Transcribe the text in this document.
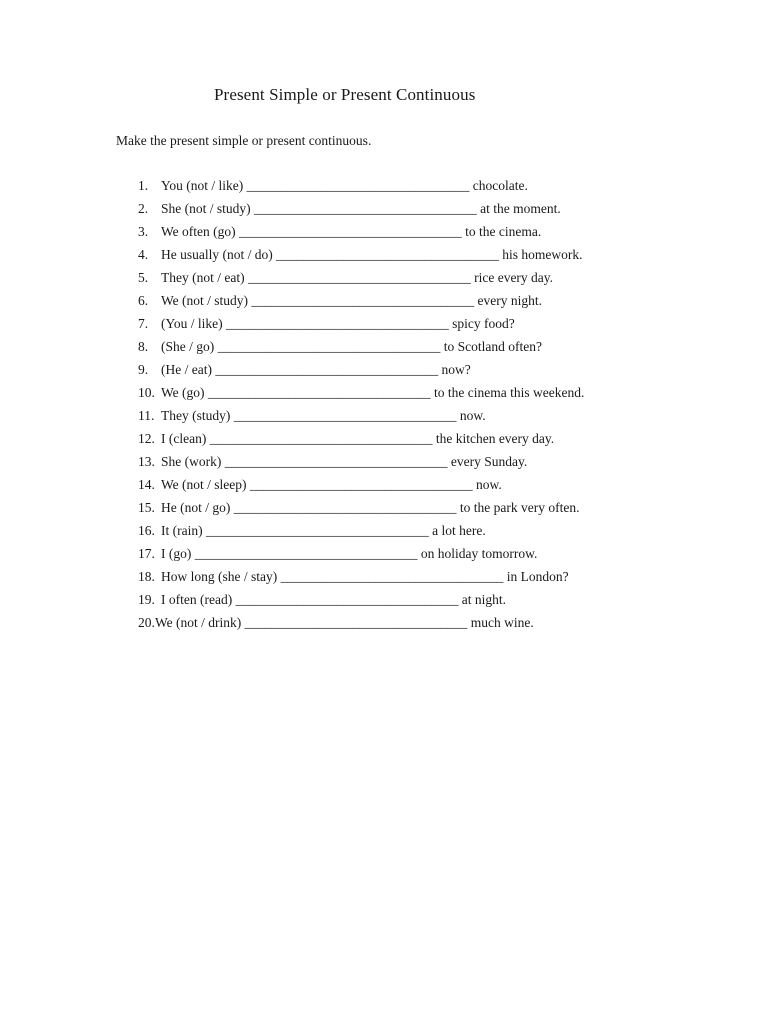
Present Simple or Present Continuous
Make the present simple or present continuous.
1. You (not / like) _________________________________ chocolate.
2. She (not / study) _________________________________ at the moment.
3. We often (go) _________________________________ to the cinema.
4. He usually (not / do) _________________________________ his homework.
5. They (not / eat) _________________________________ rice every day.
6. We (not / study) _________________________________ every night.
7. (You / like) _________________________________ spicy food?
8. (She / go) _________________________________ to Scotland often?
9. (He / eat) _________________________________ now?
10. We (go) _________________________________ to the cinema this weekend.
11. They (study) _________________________________ now.
12. I (clean) _________________________________ the kitchen every day.
13. She (work) _________________________________ every Sunday.
14. We (not / sleep) _________________________________ now.
15. He (not / go) _________________________________ to the park very often.
16. It (rain) _________________________________ a lot here.
17. I (go) _________________________________ on holiday tomorrow.
18. How long (she / stay) _________________________________ in London?
19. I often (read) _________________________________ at night.
20. We (not / drink) _________________________________ much wine.
